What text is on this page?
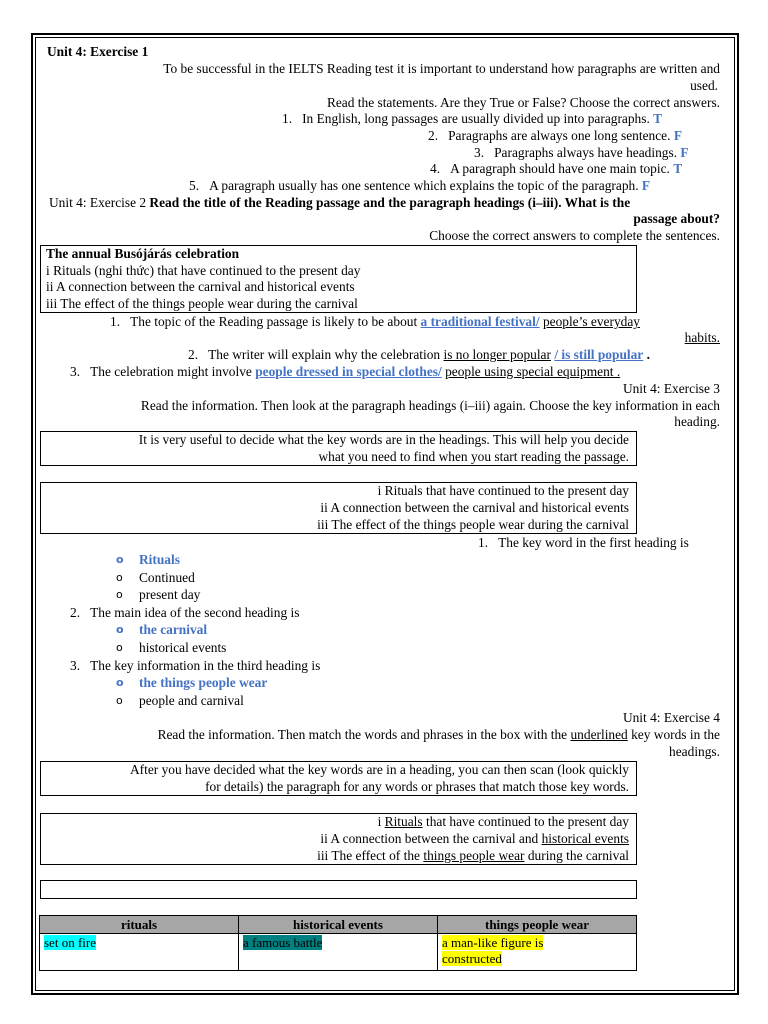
Unit 4: Exercise 1
To be successful in the IELTS Reading test it is important to understand how paragraphs are written and
used.
Read the statements. Are they True or False? Choose the correct answers.
1. In English, long passages are usually divided up into paragraphs. T
2. Paragraphs are always one long sentence. F
3. Paragraphs always have headings. F
4. A paragraph should have one main topic. T
5. A paragraph usually has one sentence which explains the topic of the paragraph. F
Unit 4: Exercise 2 Read the title of the Reading passage and the paragraph headings (i–iii). What is the
passage about?
Choose the correct answers to complete the sentences.
The annual Busójárás celebration
i Rituals (nghi thức) that have continued to the present day
ii A connection between the carnival and historical events
iii The effect of the things people wear during the carnival
1. The topic of the Reading passage is likely to be about a traditional festival/ people’s everyday
habits.
2. The writer will explain why the celebration is no longer popular / is still popular .
3. The celebration might involve people dressed in special clothes/ people using special equipment .
Unit 4: Exercise 3
Read the information. Then look at the paragraph headings (i–iii) again. Choose the key information in each
heading.
It is very useful to decide what the key words are in the headings. This will help you decide
what you need to find when you start reading the passage.
i Rituals that have continued to the present day
ii A connection between the carnival and historical events
iii The effect of the things people wear during the carnival
1. The key word in the first heading is
o Rituals
o Continued
o present day
2. The main idea of the second heading is
o the carnival
o historical events
3. The key information in the third heading is
o the things people wear
o people and carnival
Unit 4: Exercise 4
Read the information. Then match the words and phrases in the box with the underlined key words in the
headings.
After you have decided what the key words are in a heading, you can then scan (look quickly
for details) the paragraph for any words or phrases that match those key words.
i Rituals that have continued to the present day
ii A connection between the carnival and historical events
iii The effect of the things people wear during the carnival
rituals	historical events	things people wear
set on fire	a famous battle	a man-like figure is
constructed
